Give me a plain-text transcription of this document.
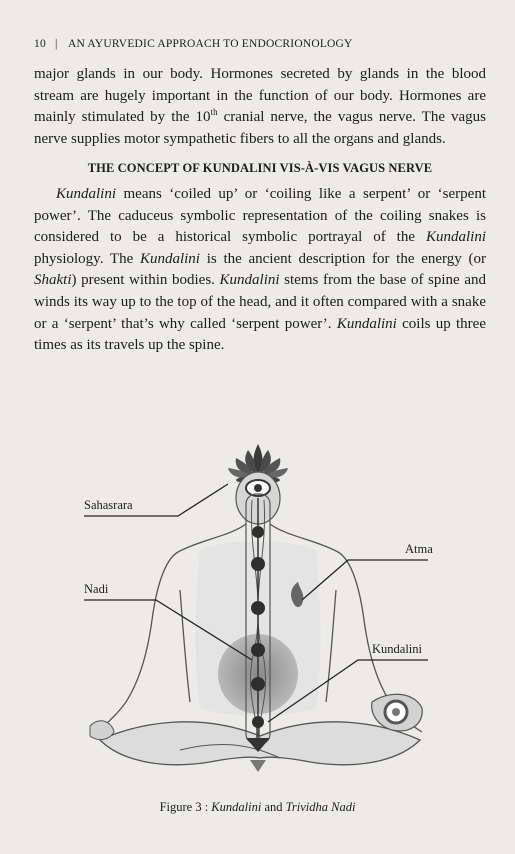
10 | AN AYURVEDIC APPROACH TO ENDOCRIONOLOGY

major glands in our body. Hormones secreted by glands in the blood stream are hugely important in the function of our body. Hormones are mainly stimulated by the 10th cranial nerve, the vagus nerve. The vagus nerve supplies motor sympathetic fibers to all the organs and glands.

THE CONCEPT OF KUNDALINI VIS-À-VIS VAGUS NERVE

Kundalini means ‘coiled up’ or ‘coiling like a serpent’ or ‘serpent power’. The caduceus symbolic representation of the coiling snakes is considered to be a historical symbolic portrayal of the Kundalini physiology. The Kundalini is the ancient description for the energy (or Shakti) present within bodies. Kundalini stems from the base of spine and winds its way up to the top of the head, and it often compared with a snake or a ‘serpent’ that’s why called ‘serpent power’. Kundalini coils up three times as its travels up the spine.

Sahasrara
Atma
Nadi
Kundalini
Figure 3 : Kundalini and Trividha Nadi
